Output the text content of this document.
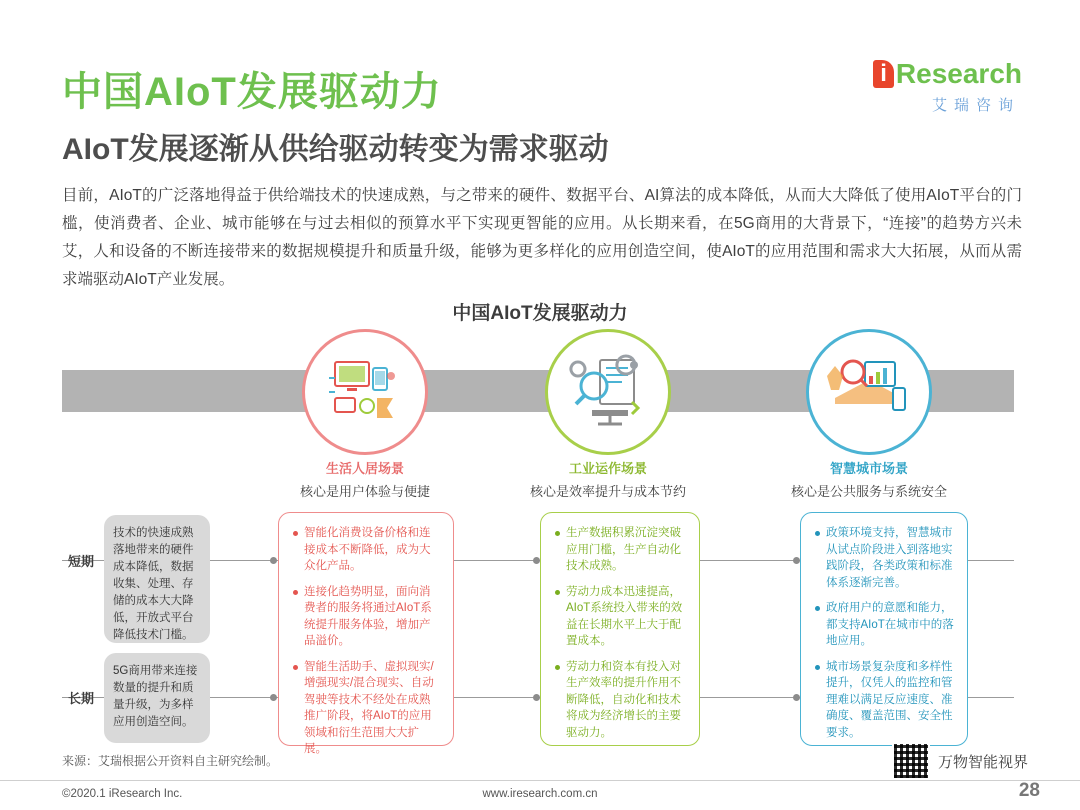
中国AIoT发展驱动力
AIoT发展逐渐从供给驱动转变为需求驱动
i Research
艾瑞咨询
目前，AIoT的广泛落地得益于供给端技术的快速成熟，与之带来的硬件、数据平台、AI算法的成本降低，从而大大降低了使用AIoT平台的门槛，使消费者、企业、城市能够在与过去相似的预算水平下实现更智能的应用。从长期来看，在5G商用的大背景下，“连接”的趋势方兴未艾，人和设备的不断连接带来的数据规模提升和质量升级，能够为更多样化的应用创造空间，使AIoT的应用范围和需求大大拓展，从而从需求端驱动AIoT产业发展。
中国AIoT发展驱动力
生活人居场景
核心是用户体验与便捷
工业运作场景
核心是效率提升与成本节约
智慧城市场景
核心是公共服务与系统安全
短期
长期
技术的快速成熟落地带来的硬件成本降低，数据收集、处理、存储的成本大大降低，开放式平台降低技术门槛。
5G商用带来连接数量的提升和质量升级，为多样应用创造空间。
智能化消费设备价格和连接成本不断降低，成为大众化产品。
连接化趋势明显，面向消费者的服务将通过AIoT系统提升服务体验，增加产品溢价。
智能生活助手、虚拟现实/增强现实/混合现实、自动驾驶等技术不经处在成熟推广阶段，将AIoT的应用领域和衍生范围大大扩展。
生产数据积累沉淀突破应用门槛，生产自动化技术成熟。
劳动力成本迅速提高，AIoT系统投入带来的效益在长期水平上大于配置成本。
劳动力和资本有投入对生产效率的提升作用不断降低，自动化和技术将成为经济增长的主要驱动力。
政策环境支持，智慧城市从试点阶段进入到落地实践阶段，各类政策和标准体系逐渐完善。
政府用户的意愿和能力，都支持AIoT在城市中的落地应用。
城市场景复杂度和多样性提升，仅凭人的监控和管理难以满足反应速度、准确度、覆盖范围、安全性要求。
来源：艾瑞根据公开资料自主研究绘制。	万物智能视界
©2020.1 iResearch Inc.	www.iresearch.com.cn	28
